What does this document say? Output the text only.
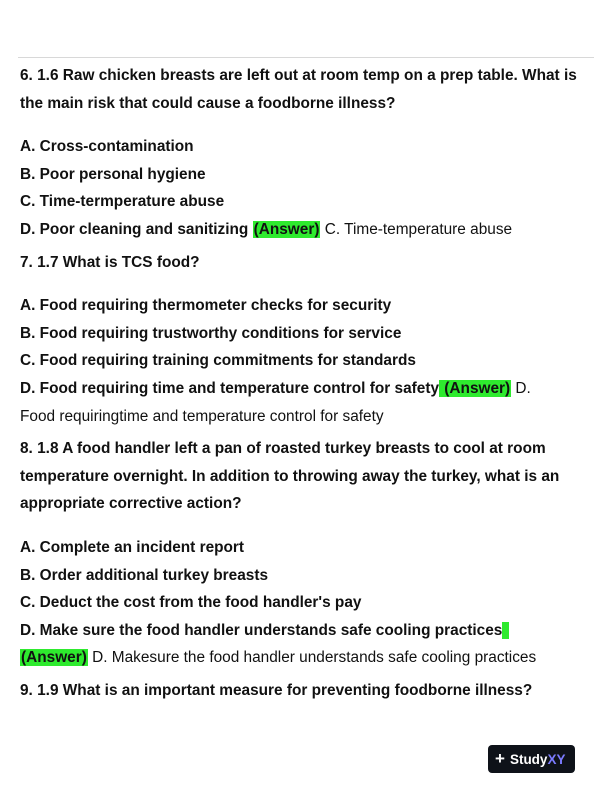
6. 1.6 Raw chicken breasts are left out at room temp on a prep table. What is

the main risk that could cause a foodborne illness?

A. Cross-contamination

B. Poor personal hygiene

C. Time-termperature abuse

D. Poor cleaning and sanitizing (Answer) C. Time-temperature abuse

7. 1.7 What is TCS food?

A. Food requiring thermometer checks for security

B. Food requiring trustworthy conditions for service

C. Food requiring training commitments for standards

D. Food requiring time and temperature control for safety (Answer) D.

Food requiringtime and temperature control for safety

8. 1.8 A food handler left a pan of roasted turkey breasts to cool at room

temperature overnight. In addition to throwing away the turkey, what is an

appropriate corrective action?

A. Complete an incident report

B. Order additional turkey breasts

C. Deduct the cost from the food handler's pay

D. Make sure the food handler understands safe cooling practices

(Answer) D. Makesure the food handler understands safe cooling practices

9. 1.9 What is an important measure for preventing foodborne illness?

+ Study XY
